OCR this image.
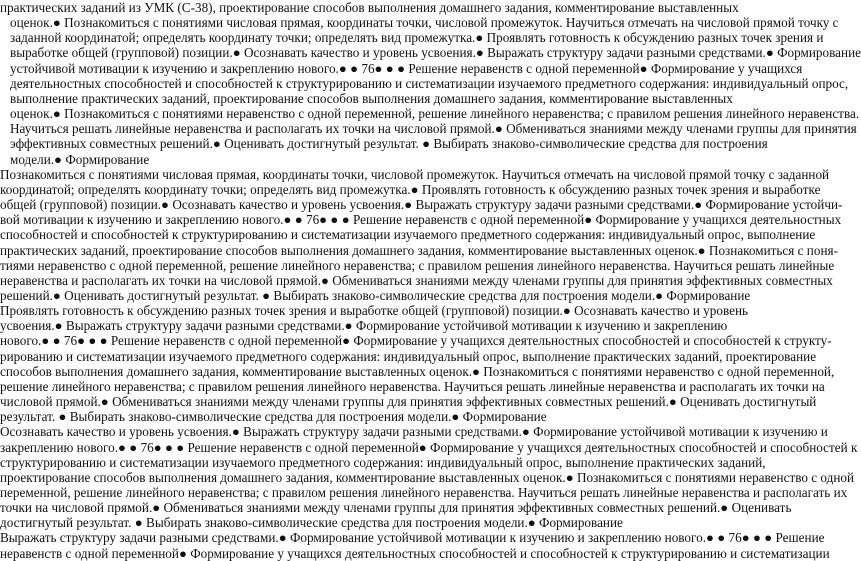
практических заданий из УМК (С-38), проектирование способов выполнения домашнего задания, комментирование выставленных

оценок.● Познакомиться с понятиями числовая прямая, координаты точки, числовой промежуток. Научиться отмечать на числовой прямой точку с

заданной координатой; определять координату точки; определять вид промежутка.● Проявлять готовность к обсуждению разных точек зрения и

выработке общей (групповой) позиции.● Осознавать качество и уровень усвоения.● Выражать структуру задачи разными средствами.● Формирование

устойчивой мотивации к изучению и закреплению нового.● ● 76● ● ● Решение неравенств с одной переменной● Формирование у учащихся

деятельностных способностей и способностей к структурированию и систематизации изучаемого предметного содержания: индивидуальный опрос,

выполнение практических заданий, проектирование способов выполнения домашнего задания, комментирование выставленных

оценок.● Познакомиться с понятиями неравенство с одной переменной, решение линейного неравенства; с правилом решения линейного неравенства.

Научиться решать линейные неравенства и располагать их точки на числовой прямой.● Обмениваться знаниями между членами группы для принятия

эффективных совместных решений.● Оценивать достигнутый результат. ● Выбирать знаково-символические средства для построения

модели.● Формирование

Познакомиться с понятиями числовая прямая, координаты точки, числовой промежуток. Научиться отмечать на числовой прямой точку с заданной

координатой; определять координату точки; определять вид промежутка.● Проявлять готовность к обсуждению разных точек зрения и выработке

общей (групповой) позиции.● Осознавать качество и уровень усвоения.● Выражать структуру задачи разными средствами.● Формирование устойчи-

вой мотивации к изучению и закреплению нового.● ● 76● ● ● Решение неравенств с одной переменной● Формирование у учащихся деятельностных

способностей и способностей к структурированию и систематизации изучаемого предметного содержания: индивидуальный опрос, выполнение

практических заданий, проектирование способов выполнения домашнего задания, комментирование выставленных оценок.● Познакомиться с поня-

тиями неравенство с одной переменной, решение линейного неравенства; с правилом решения линейного неравенства. Научиться решать линейные

неравенства и располагать их точки на числовой прямой.● Обмениваться знаниями между членами группы для принятия эффективных совместных

решений.● Оценивать достигнутый результат. ● Выбирать знаково-символические средства для построения модели.● Формирование

Проявлять готовность к обсуждению разных точек зрения и выработке общей (групповой) позиции.● Осознавать качество и уровень

усвоения.● Выражать структуру задачи разными средствами.● Формирование устойчивой мотивации к изучению и закреплению

нового.● ● 76● ● ● Решение неравенств с одной переменной● Формирование у учащихся деятельностных способностей и способностей к структу-

рированию и систематизации изучаемого предметного содержания: индивидуальный опрос, выполнение практических заданий, проектирование

способов выполнения домашнего задания, комментирование выставленных оценок.● Познакомиться с понятиями неравенство с одной переменной,

решение линейного неравенства; с правилом решения линейного неравенства. Научиться решать линейные неравенства и располагать их точки на

числовой прямой.● Обмениваться знаниями между членами группы для принятия эффективных совместных решений.● Оценивать достигнутый

результат. ● Выбирать знаково-символические средства для построения модели.● Формирование

Осознавать качество и уровень усвоения.● Выражать структуру задачи разными средствами.● Формирование устойчивой мотивации к изучению и

закреплению нового.● ● 76● ● ● Решение неравенств с одной переменной● Формирование у учащихся деятельностных способностей и способностей к

структурированию и систематизации изучаемого предметного содержания: индивидуальный опрос, выполнение практических заданий,

проектирование способов выполнения домашнего задания, комментирование выставленных оценок.● Познакомиться с понятиями неравенство с одной

переменной, решение линейного неравенства; с правилом решения линейного неравенства. Научиться решать линейные неравенства и располагать их

точки на числовой прямой.● Обмениваться знаниями между членами группы для принятия эффективных совместных решений.● Оценивать

достигнутый результат. ● Выбирать знаково-символические средства для построения модели.● Формирование

Выражать структуру задачи разными средствами.● Формирование устойчивой мотивации к изучению и закреплению нового.● ● 76● ● ● Решение

неравенств с одной переменной● Формирование у учащихся деятельностных способностей и способностей к структурированию и систематизации
